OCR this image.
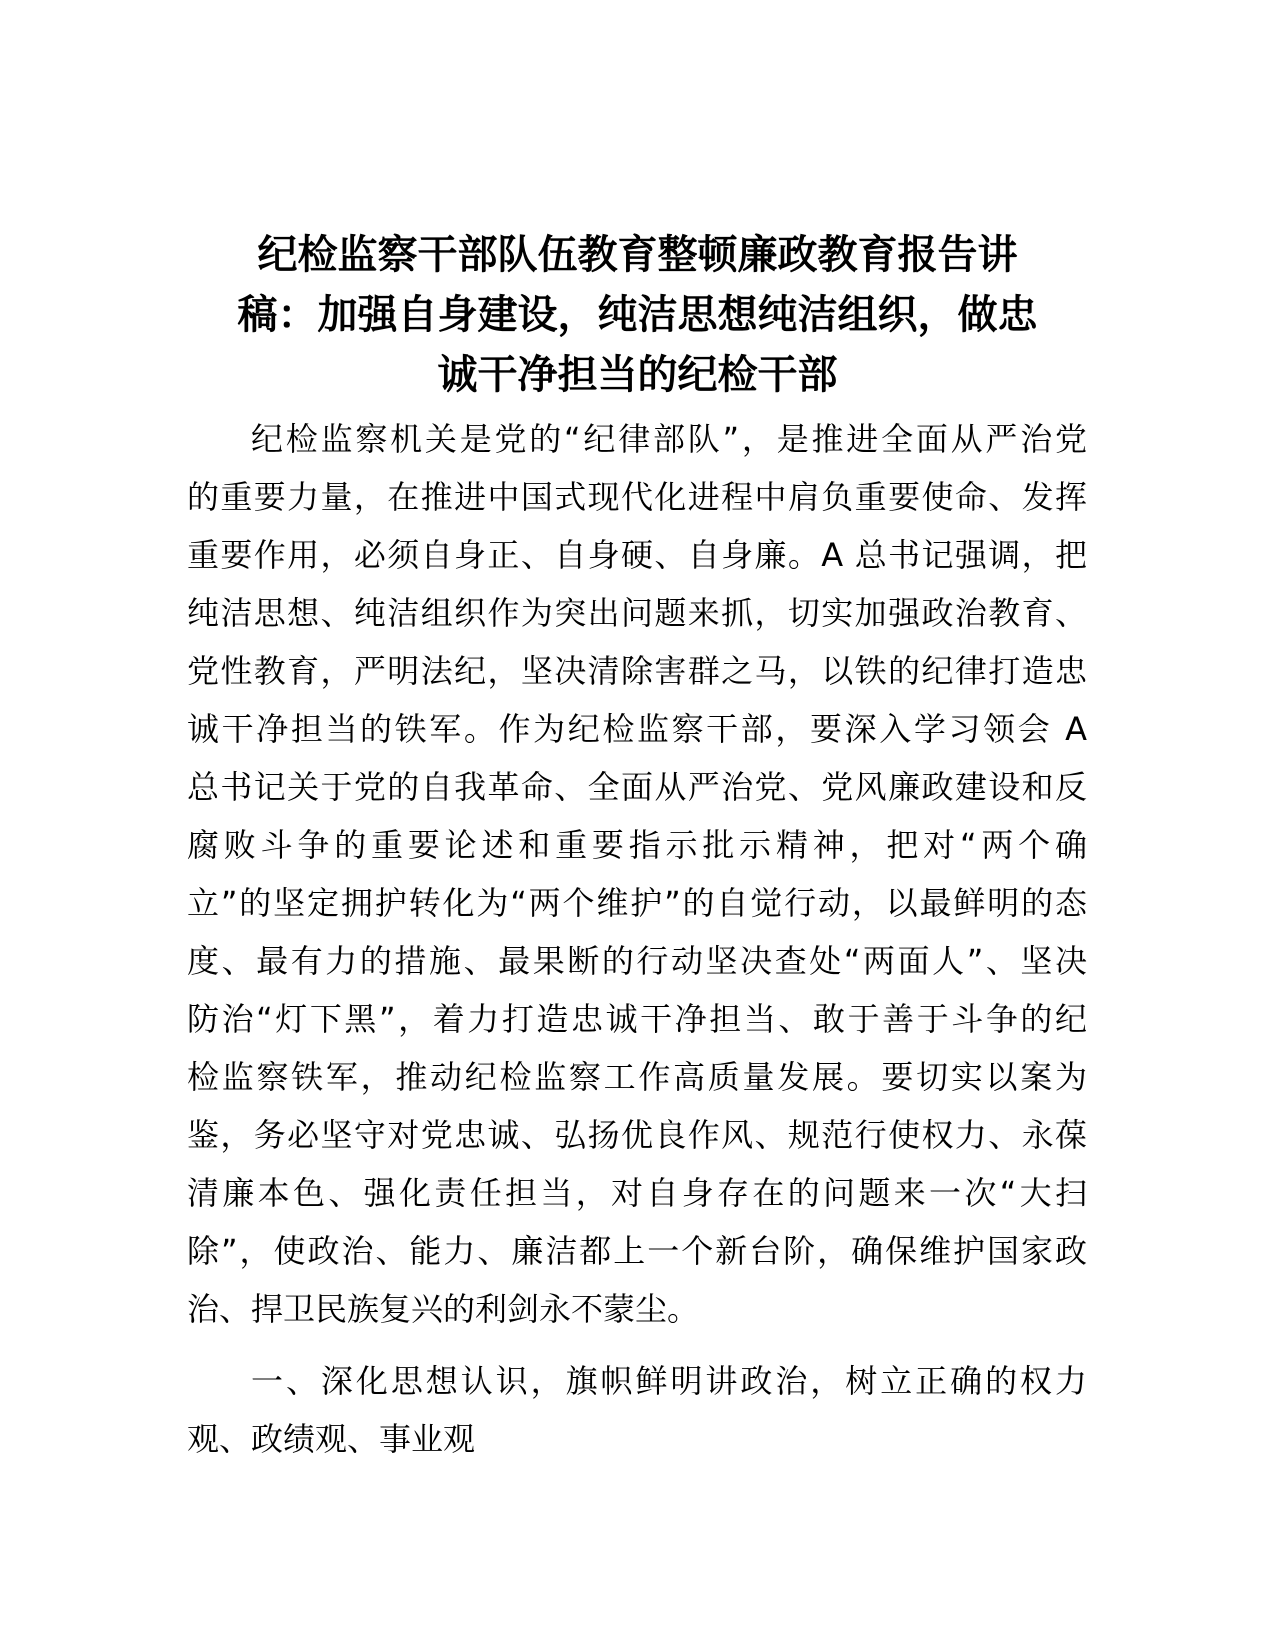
纪检监察干部队伍教育整顿廉政教育报告讲
稿：加强自身建设，纯洁思想纯洁组织，做忠
诚干净担当的纪检干部

纪检监察机关是党的“纪律部队”，是推进全面从严治党
的重要力量，在推进中国式现代化进程中肩负重要使命、发挥
重要作用，必须自身正、自身硬、自身廉。A 总书记强调，把
纯洁思想、纯洁组织作为突出问题来抓，切实加强政治教育、
党性教育，严明法纪，坚决清除害群之马，以铁的纪律打造忠
诚干净担当的铁军。作为纪检监察干部，要深入学习领会 A
总书记关于党的自我革命、全面从严治党、党风廉政建设和反
腐败斗争的重要论述和重要指示批示精神，把对“两个确
立”的坚定拥护转化为“两个维护”的自觉行动，以最鲜明的态
度、最有力的措施、最果断的行动坚决查处“两面人”、坚决
防治“灯下黑”，着力打造忠诚干净担当、敢于善于斗争的纪
检监察铁军，推动纪检监察工作高质量发展。要切实以案为
鉴，务必坚守对党忠诚、弘扬优良作风、规范行使权力、永葆
清廉本色、强化责任担当，对自身存在的问题来一次“大扫
除”，使政治、能力、廉洁都上一个新台阶，确保维护国家政
治、捍卫民族复兴的利剑永不蒙尘。

一、深化思想认识，旗帜鲜明讲政治，树立正确的权力
观、政绩观、事业观
